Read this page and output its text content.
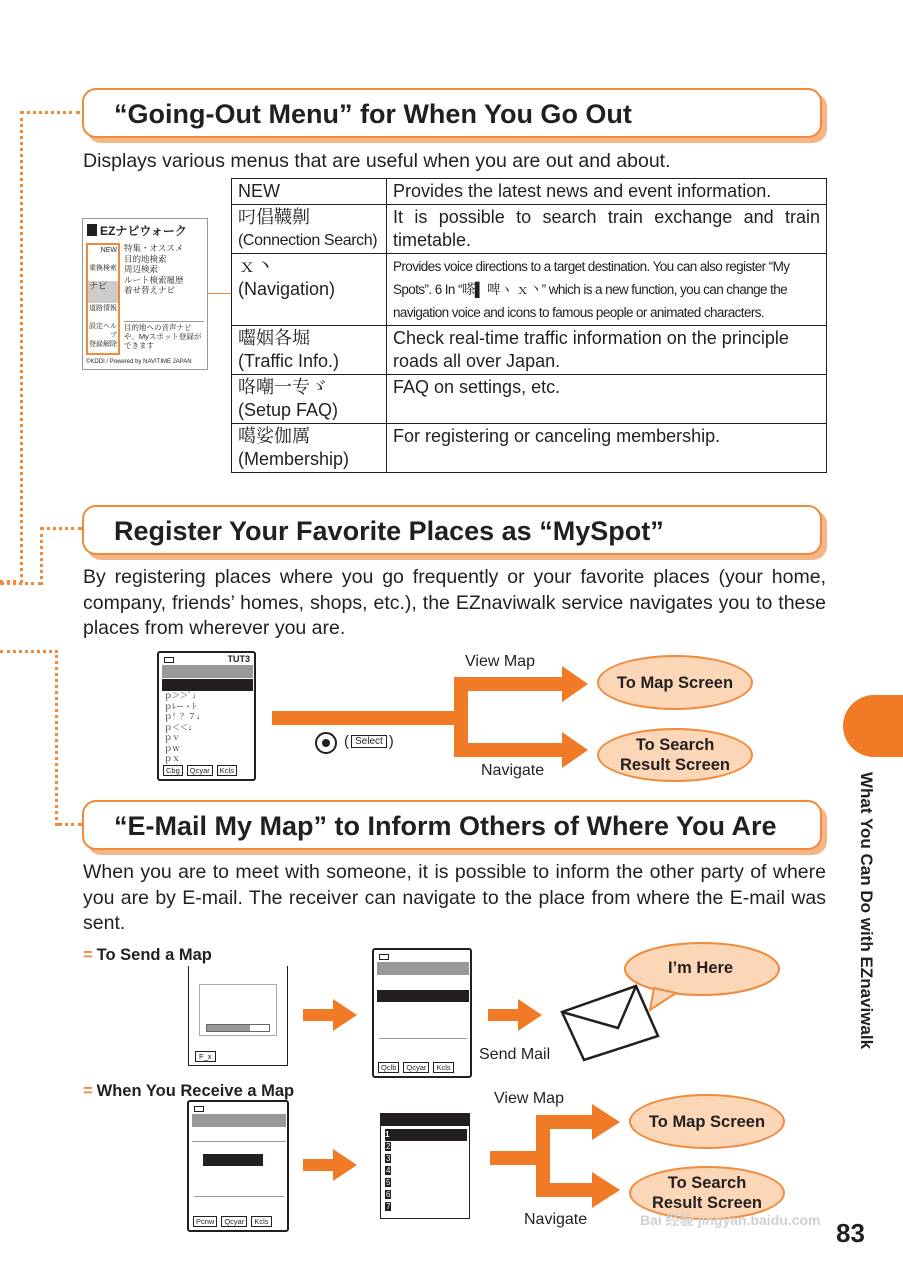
“Going-Out Menu” for When You Go Out
Displays various menus that are useful when you are out and about.
EZナビウォーク
NEW
乗換検索
ナビ
道路情報
設定ヘルプ
登録解除
特集・オススメ
目的地検索
周辺検索
ルート検索履歴
着せ替えナビ
目的地への音声ナビや、Myスポット登録ができます
©KDDI / Powered by NAVITIME JAPAN
NEW	Provides the latest news and event information.

叼倡韈劓
(Connection Search)	It is possible to search train exchange and train timetable.

ｘ丶
(Navigation)	Provides voice directions to a target destination. You can also register “My Spots”. 6 In “嗏▌ 啤ヽ ｘ丶” which is a new function, you can change the navigation voice and icons to famous people or animated characters.

囓姻各堀
(Traffic Info.)	Check real-time traffic information on the principle roads all over Japan.

咯嘲一专ゞ
(Setup FAQ)	FAQ on settings, etc.

噶娑伽厲
(Membership)	For registering or canceling membership.
Register Your Favorite Places as “MySpot”
By registering places where you go frequently or your favorite places (your home, company, friends’ homes, shops, etc.), the EZnaviwalk service navigates you to these places from wherever you are.
TUT3
ｐ＞＞ﾟ↓
ｐﾚー・ﾄ
ｐ！？７↓
ｐ＜＜↓
ｐｖ
ｐｗ
ｐｘ
Cbg	Qcyar	Kcls
( Select )
View Map
Navigate
To Map Screen
To Search Result Screen
“E-Mail My Map” to Inform Others of Where You Are
When you are to meet with someone, it is possible to inform the other party of where you are by E-mail. The receiver can navigate to the place from where the E-mail was sent.
= To Send a Map
= When You Receive a Map
F_x
Qclb	Qcyar	Kcls
Send Mail
I’m Here
Pcnw	Qcyar	Kcls
1
2
3
4
5
6
7
View Map
Navigate
To Map Screen
To Search Result Screen
What You Can Do with EZnaviwalk
83
Bai 经验 jingyan.baidu.com
